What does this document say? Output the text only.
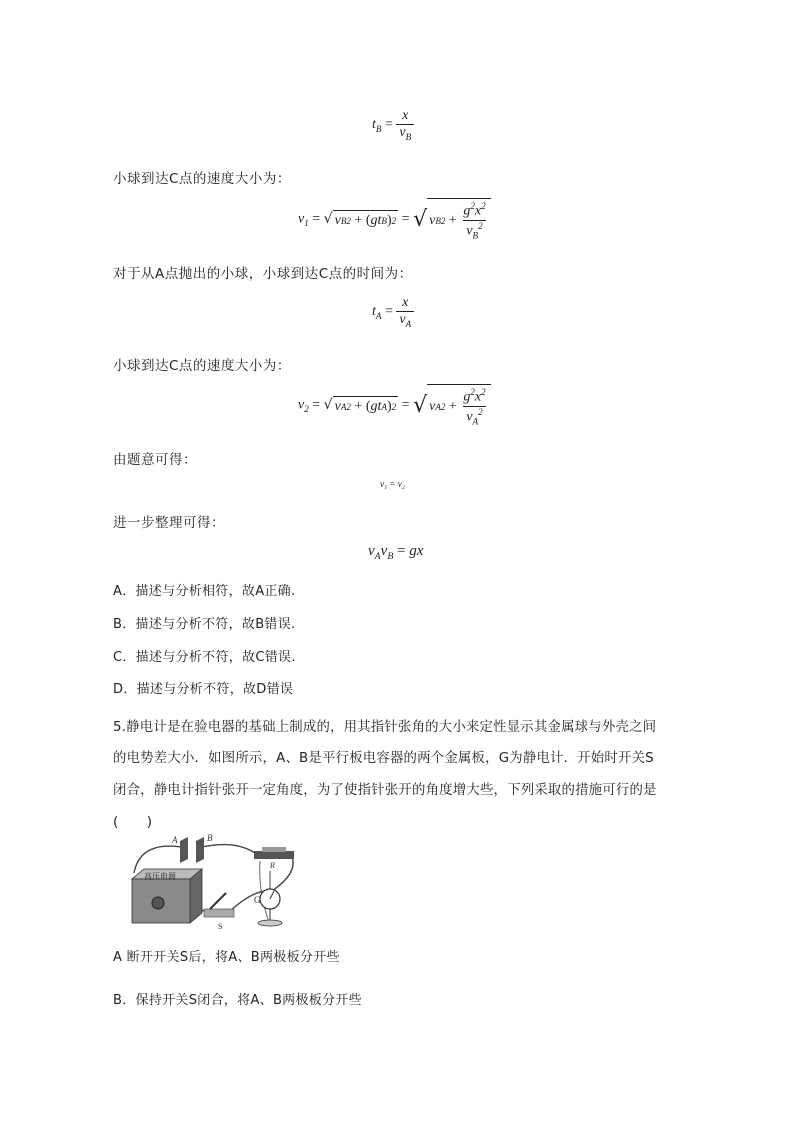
$t_B = \frac{x}{v_B}$
小球到达C点的速度大小为：
$v_1$ = √ v B 2 + ( gt B ) 2 = √ v B $2 + \frac{g^2x^2}{v_B^2}$
对于从A点抛出的小球，小球到达C点的时间为：
$t_A = \frac{x}{v_A}$
小球到达C点的速度大小为：
$v_2$ = √ v A 2 + ( gt A ) 2 = √ v A $2 + \frac{g^2x^2}{v_A^2}$
由题意可得：
v₁ = v₂
进一步整理可得：
$v_Av_B$ = gx
A．描述与分析相符，故A正确.
B．描述与分析不符，故B错误.
C．描述与分析不符，故C错误.
D．描述与分析不符，故D错误
5.静电计是在验电器的基础上制成的，用其指针张角的大小来定性显示其金属球与外壳之间
的电势差大小．如图所示，A、B是平行板电容器的两个金属板，G为静电计．开始时开关S
闭合，静电计指针张开一定角度，为了使指针张开的角度增大些，下列采取的措施可行的是
(　　)
A	B
R
高压电源
S
G
A 断开开关S后，将A、B两极板分开些
B．保持开关S闭合，将A、B两极板分开些
